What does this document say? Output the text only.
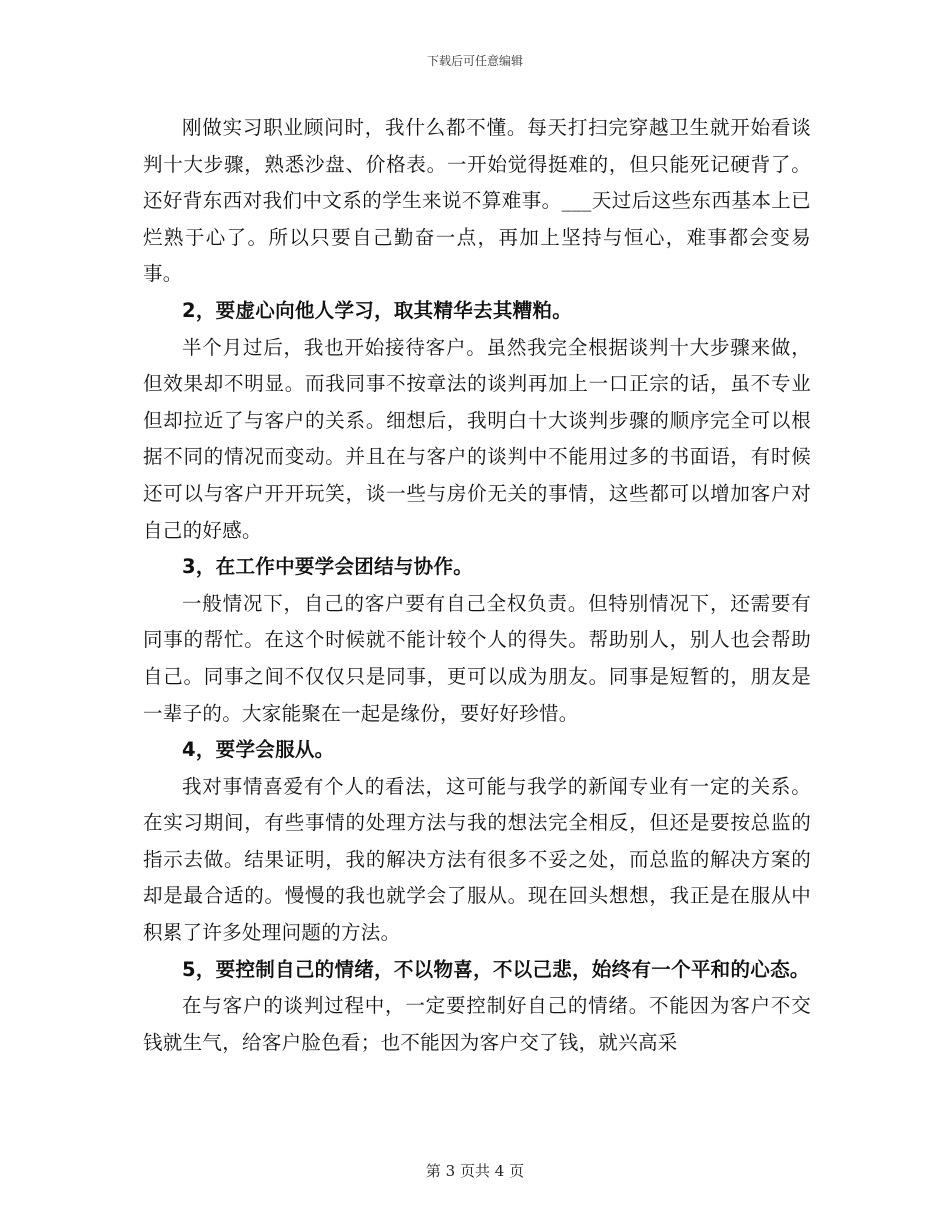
下载后可任意编辑

刚做实习职业顾问时，我什么都不懂。每天打扫完穿越卫生就开始看谈判十大步骤，熟悉沙盘、价格表。一开始觉得挺难的，但只能死记硬背了。还好背东西对我们中文系的学生来说不算难事。___天过后这些东西基本上已烂熟于心了。所以只要自己勤奋一点，再加上坚持与恒心，难事都会变易事。

2，要虚心向他人学习，取其精华去其糟粕。

半个月过后，我也开始接待客户。虽然我完全根据谈判十大步骤来做，但效果却不明显。而我同事不按章法的谈判再加上一口正宗的话，虽不专业但却拉近了与客户的关系。细想后，我明白十大谈判步骤的顺序完全可以根据不同的情况而变动。并且在与客户的谈判中不能用过多的书面语，有时候还可以与客户开开玩笑，谈一些与房价无关的事情，这些都可以增加客户对自己的好感。

3，在工作中要学会团结与协作。

一般情况下，自己的客户要有自己全权负责。但特别情况下，还需要有同事的帮忙。在这个时候就不能计较个人的得失。帮助别人，别人也会帮助自己。同事之间不仅仅只是同事，更可以成为朋友。同事是短暂的，朋友是一辈子的。大家能聚在一起是缘份，要好好珍惜。

4，要学会服从。

我对事情喜爱有个人的看法，这可能与我学的新闻专业有一定的关系。在实习期间，有些事情的处理方法与我的想法完全相反，但还是要按总监的指示去做。结果证明，我的解决方法有很多不妥之处，而总监的解决方案的却是最合适的。慢慢的我也就学会了服从。现在回头想想，我正是在服从中积累了许多处理问题的方法。

5，要控制自己的情绪，不以物喜，不以己悲，始终有一个平和的心态。

在与客户的谈判过程中，一定要控制好自己的情绪。不能因为客户不交钱就生气，给客户脸色看；也不能因为客户交了钱，就兴高采

第 3 页共 4 页
